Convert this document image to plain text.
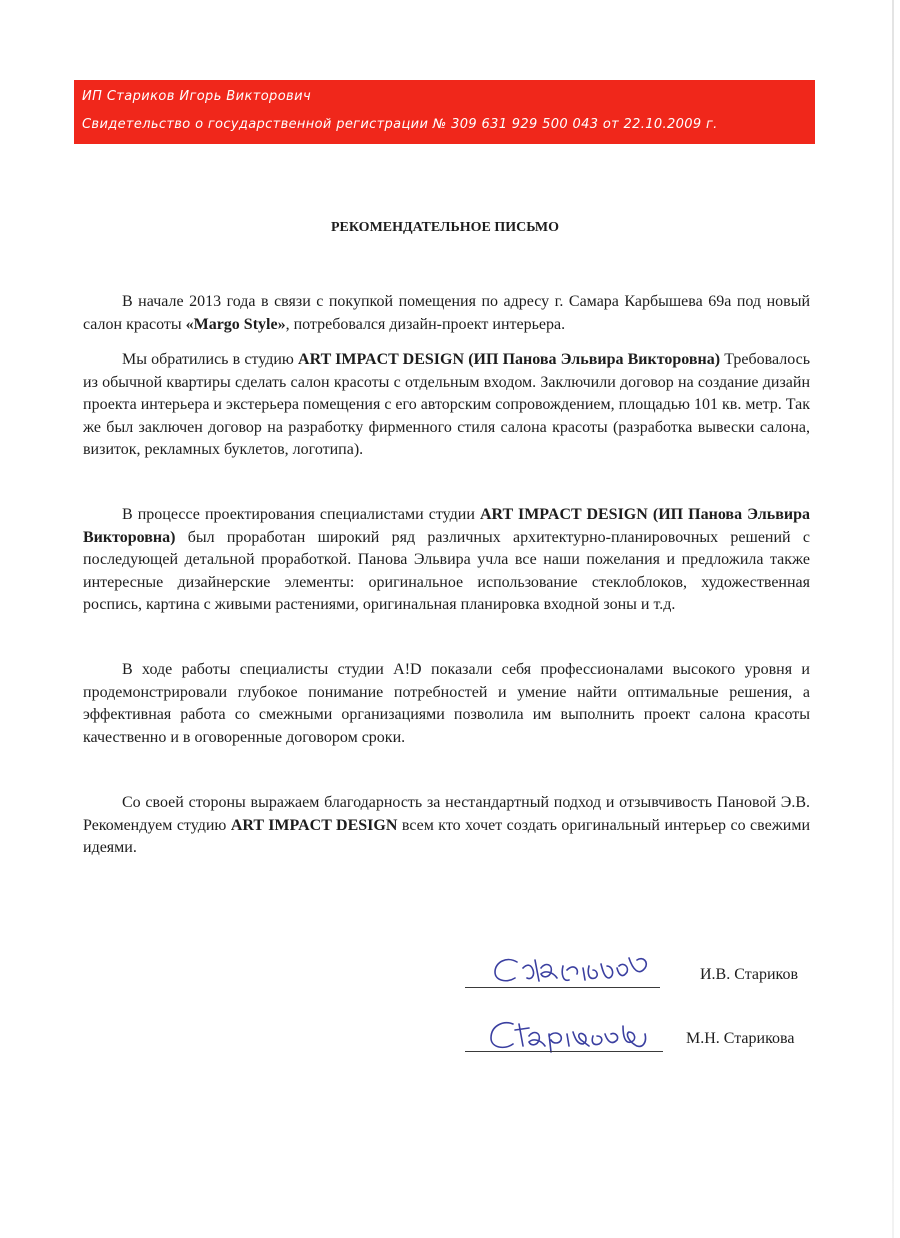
ИП Стариков Игорь Викторович
Свидетельство о государственной регистрации № 309 631 929 500 043 от 22.10.2009 г.
РЕКОМЕНДАТЕЛЬНОЕ ПИСЬМО

В начале 2013 года в связи с покупкой помещения по адресу г. Самара Карбышева 69а под новый салон красоты «Margo Style», потребовался дизайн-проект интерьера.

Мы обратились в студию ART IMPACT DESIGN (ИП Панова Эльвира Викторовна) Требовалось из обычной квартиры сделать салон красоты с отдельным входом. Заключили договор на создание дизайн проекта интерьера и экстерьера помещения с его авторским сопровождением, площадью 101 кв. метр. Так же был заключен договор на разработку фирменного стиля салона красоты (разработка вывески салона, визиток, рекламных буклетов, логотипа).

В процессе проектирования специалистами студии ART IMPACT DESIGN (ИП Панова Эльвира Викторовна) был проработан широкий ряд различных архитектурно-планировочных решений с последующей детальной проработкой. Панова Эльвира учла все наши пожелания и предложила также интересные дизайнерские элементы: оригинальное использование стеклоблоков, художественная роспись, картина с живыми растениями, оригинальная планировка входной зоны и т.д.

В ходе работы специалисты студии A!D показали себя профессионалами высокого уровня и продемонстрировали глубокое понимание потребностей и умение найти оптимальные решения, а эффективная работа со смежными организациями позволила им выполнить проект салона красоты качественно и в оговоренные договором сроки.

Со своей стороны выражаем благодарность за нестандартный подход и отзывчивость Пановой Э.В. Рекомендуем студию ART IMPACT DESIGN всем кто хочет создать оригинальный интерьер со свежими идеями.

И.В. Стариков
М.Н. Старикова
